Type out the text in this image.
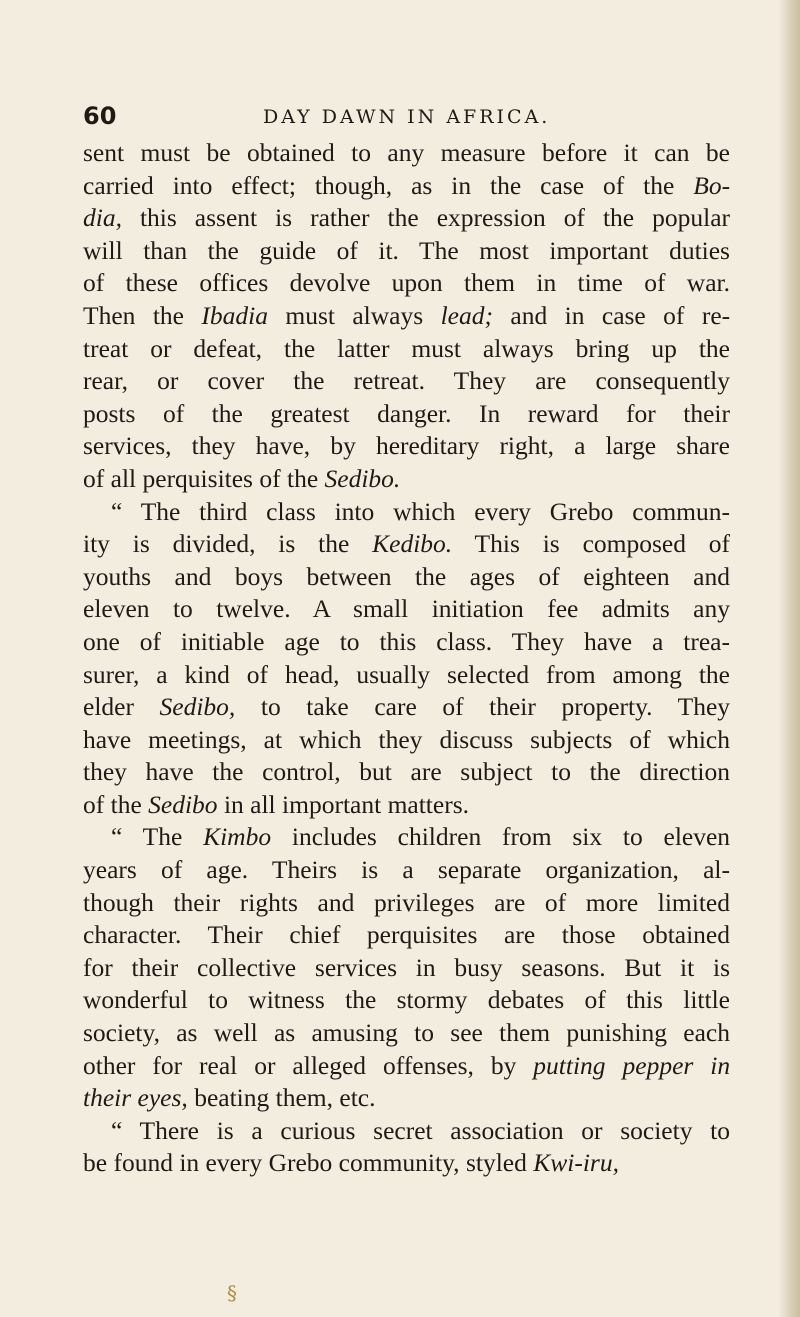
60	DAY DAWN IN AFRICA.
sent must be obtained to any measure before it can be
carried into effect; though, as in the case of the Bo-
dia, this assent is rather the expression of the popular
will than the guide of it. The most important duties
of these offices devolve upon them in time of war.
Then the Ibadia must always lead; and in case of re-
treat or defeat, the latter must always bring up the
rear, or cover the retreat. They are consequently
posts of the greatest danger. In reward for their
services, they have, by hereditary right, a large share
of all perquisites of the Sedibo.
“ The third class into which every Grebo commun-
ity is divided, is the Kedibo. This is composed of
youths and boys between the ages of eighteen and
eleven to twelve. A small initiation fee admits any
one of initiable age to this class. They have a trea-
surer, a kind of head, usually selected from among the
elder Sedibo, to take care of their property. They
have meetings, at which they discuss subjects of which
they have the control, but are subject to the direction
of the Sedibo in all important matters.
“ The Kimbo includes children from six to eleven
years of age. Theirs is a separate organization, al-
though their rights and privileges are of more limited
character. Their chief perquisites are those obtained
for their collective services in busy seasons. But it is
wonderful to witness the stormy debates of this little
society, as well as amusing to see them punishing each
other for real or alleged offenses, by putting pepper in
their eyes, beating them, etc.
“ There is a curious secret association or society to
be found in every Grebo community, styled Kwi-iru,
§
